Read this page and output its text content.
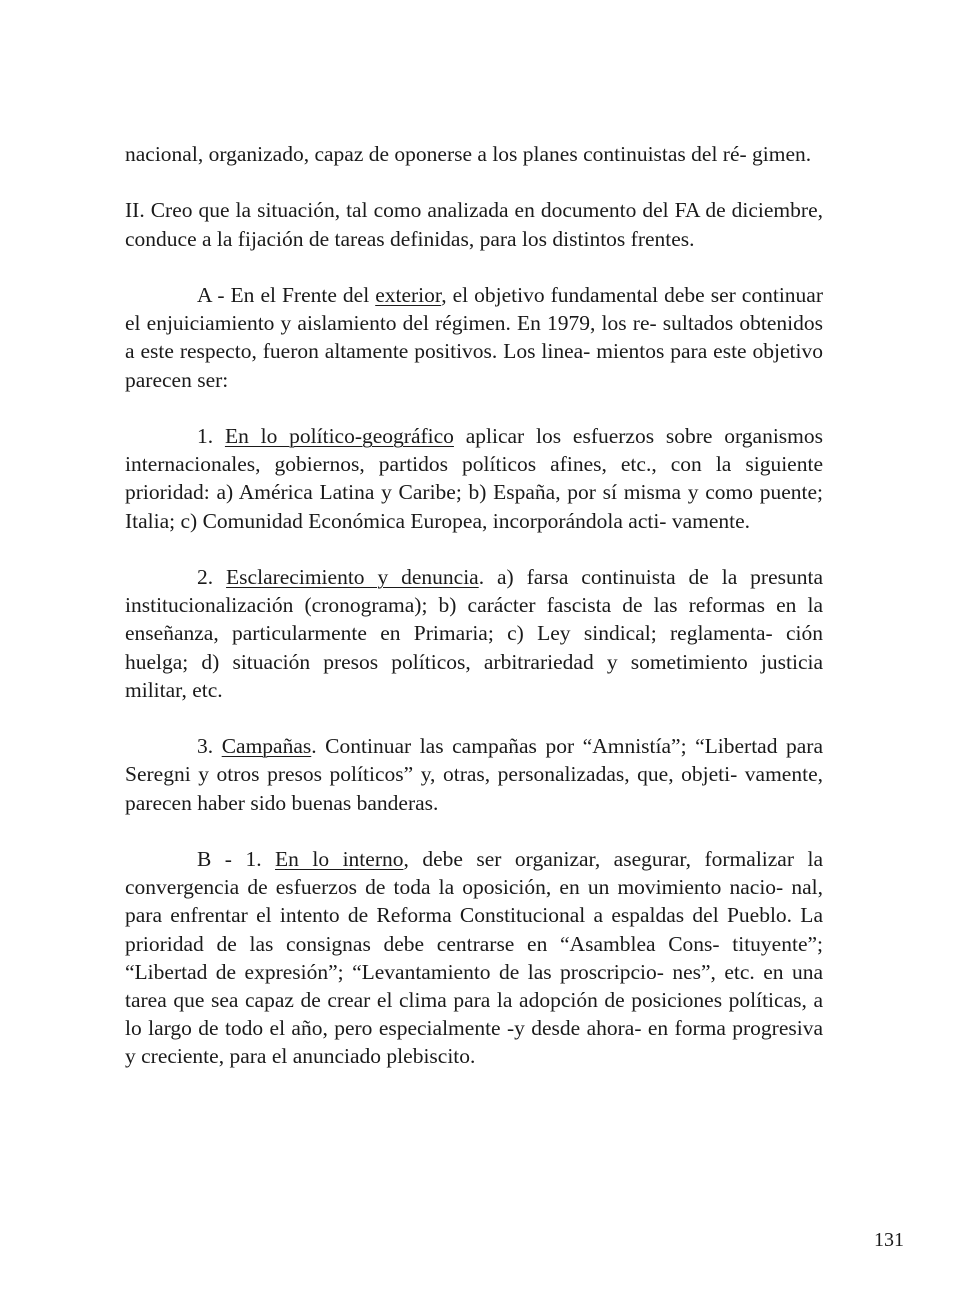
nacional, organizado, capaz de oponerse a los planes continuistas del ré- gimen.

II. Creo que la situación, tal como analizada en documento del FA de diciembre, conduce a la fijación de tareas definidas, para los distintos frentes.

A - En el Frente del exterior, el objetivo fundamental debe ser continuar el enjuiciamiento y aislamiento del régimen. En 1979, los re- sultados obtenidos a este respecto, fueron altamente positivos. Los linea- mientos para este objetivo parecen ser:

1. En lo político-geográfico aplicar los esfuerzos sobre organismos internacionales, gobiernos, partidos políticos afines, etc., con la siguiente prioridad: a) América Latina y Caribe; b) España, por sí misma y como puente; Italia; c) Comunidad Económica Europea, incorporándola acti- vamente.

2. Esclarecimiento y denuncia. a) farsa continuista de la presunta institucionalización (cronograma); b) carácter fascista de las reformas en la enseñanza, particularmente en Primaria; c) Ley sindical; reglamenta- ción huelga; d) situación presos políticos, arbitrariedad y sometimiento justicia militar, etc.

3. Campañas. Continuar las campañas por “Amnistía”; “Libertad para Seregni y otros presos políticos” y, otras, personalizadas, que, objeti- vamente, parecen haber sido buenas banderas.

B - 1. En lo interno, debe ser organizar, asegurar, formalizar la convergencia de esfuerzos de toda la oposición, en un movimiento nacio- nal, para enfrentar el intento de Reforma Constitucional a espaldas del Pueblo. La prioridad de las consignas debe centrarse en “Asamblea Cons- tituyente”; “Libertad de expresión”; “Levantamiento de las proscripcio- nes”, etc. en una tarea que sea capaz de crear el clima para la adopción de posiciones políticas, a lo largo de todo el año, pero especialmente -y desde ahora- en forma progresiva y creciente, para el anunciado plebiscito.

131
